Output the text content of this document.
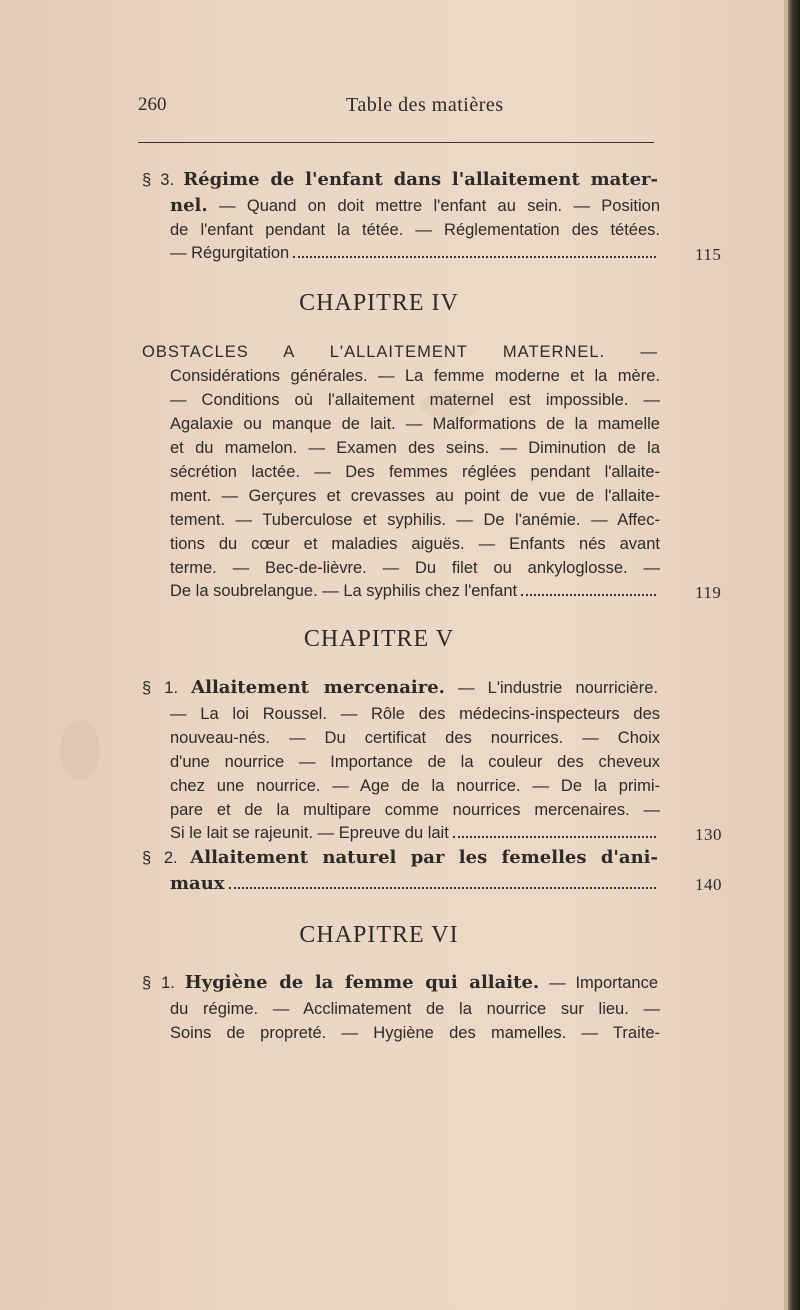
260	Table des matières
§ 3. Régime de l'enfant dans l'allaitement mater-
nel. — Quand on doit mettre l'enfant au sein. — Position
de l'enfant pendant la tétée. — Réglementation des tétées.
— Régurgitation	115
CHAPITRE IV
OBSTACLES A L'ALLAITEMENT MATERNEL. —
Considérations générales. — La femme moderne et la mère.
— Conditions où l'allaitement maternel est impossible. —
Agalaxie ou manque de lait. — Malformations de la mamelle
et du mamelon. — Examen des seins. — Diminution de la
sécrétion lactée. — Des femmes réglées pendant l'allaite-
ment. — Gerçures et crevasses au point de vue de l'allaite-
tement. — Tuberculose et syphilis. — De l'anémie. — Affec-
tions du cœur et maladies aiguës. — Enfants nés avant
terme. — Bec-de-lièvre. — Du filet ou ankyloglosse. —
De la soubrelangue. — La syphilis chez l'enfant	119
CHAPITRE V
§ 1. Allaitement mercenaire. — L'industrie nourricière.
— La loi Roussel. — Rôle des médecins-inspecteurs des
nouveau-nés. — Du certificat des nourrices. — Choix
d'une nourrice — Importance de la couleur des cheveux
chez une nourrice. — Age de la nourrice. — De la primi-
pare et de la multipare comme nourrices mercenaires. —
Si le lait se rajeunit. — Epreuve du lait	130
§ 2. Allaitement naturel par les femelles d'ani-
maux	140
CHAPITRE VI
§ 1. Hygiène de la femme qui allaite. — Importance
du régime. — Acclimatement de la nourrice sur lieu. —
Soins de propreté. — Hygiène des mamelles. — Traite-
